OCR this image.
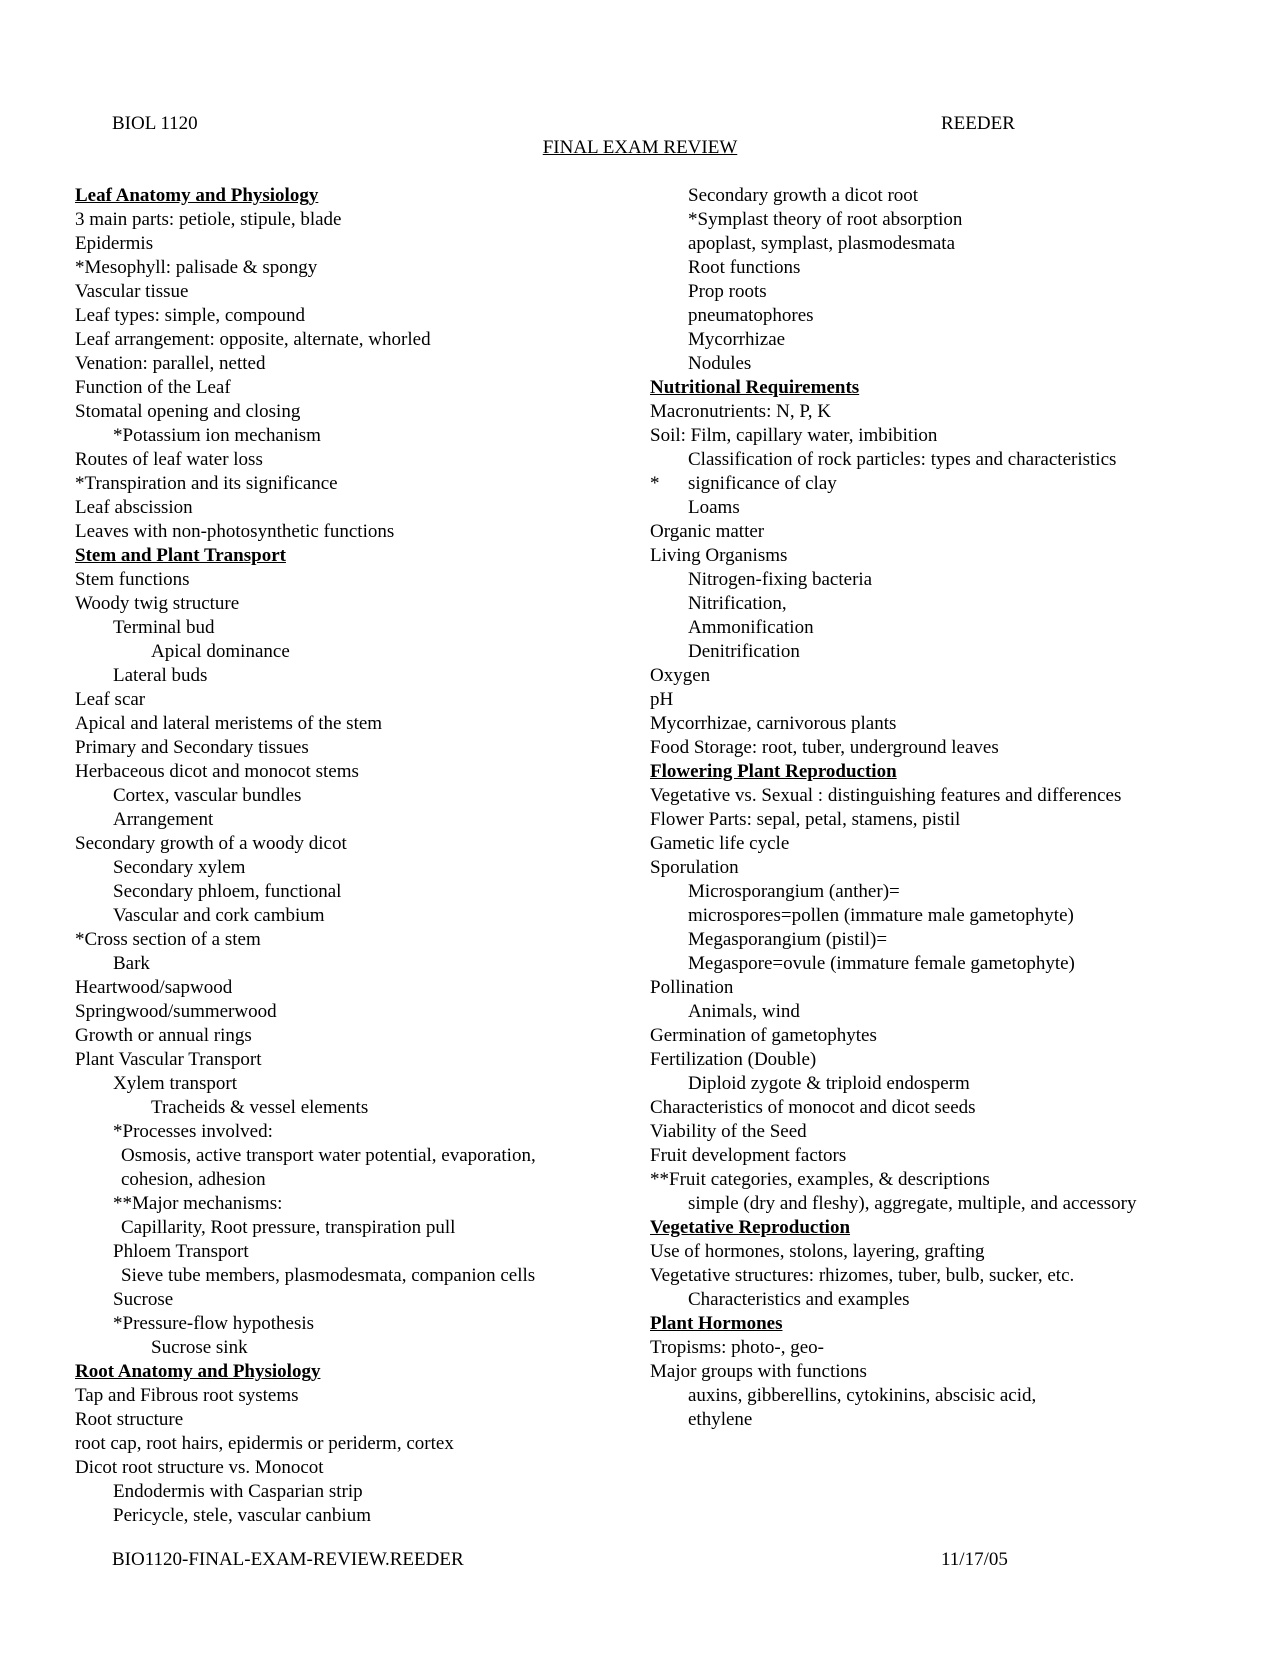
BIOL 1120	REEDER
FINAL EXAM REVIEW
Leaf Anatomy and Physiology
3 main parts: petiole, stipule, blade
Epidermis
*Mesophyll: palisade & spongy
Vascular tissue
Leaf types: simple, compound
Leaf arrangement: opposite, alternate, whorled
Venation: parallel, netted
Function of the Leaf
Stomatal opening and closing
*Potassium ion mechanism
Routes of leaf water loss
*Transpiration and its significance
Leaf abscission
Leaves with non-photosynthetic functions
Stem and Plant Transport
Stem functions
Woody twig structure
Terminal bud
Apical dominance
Lateral buds
Leaf scar
Apical and lateral meristems of the stem
Primary and Secondary tissues
Herbaceous dicot and monocot stems
Cortex, vascular bundles
Arrangement
Secondary growth of a woody dicot
Secondary xylem
Secondary phloem, functional
Vascular and cork cambium
*Cross section of a stem
Bark
Heartwood/sapwood
Springwood/summerwood
Growth or annual rings
Plant Vascular Transport
Xylem transport
Tracheids & vessel elements
*Processes involved:
Osmosis, active transport water potential, evaporation,
cohesion, adhesion
**Major mechanisms:
Capillarity, Root pressure, transpiration pull
Phloem Transport
Sieve tube members, plasmodesmata, companion cells
Sucrose
*Pressure-flow hypothesis
Sucrose sink
Root Anatomy and Physiology
Tap and Fibrous root systems
Root structure
root cap, root hairs, epidermis or periderm, cortex
Dicot root structure vs. Monocot
Endodermis with Casparian strip
Pericycle, stele, vascular canbium
Secondary growth a dicot root
*Symplast theory of root absorption
apoplast, symplast, plasmodesmata
Root functions
Prop roots
pneumatophores
Mycorrhizae
Nodules
Nutritional Requirements
Macronutrients: N, P, K
Soil: Film, capillary water, imbibition
Classification of rock particles: types and characteristics
* significance of clay
Loams
Organic matter
Living Organisms
Nitrogen-fixing bacteria
Nitrification,
Ammonification
Denitrification
Oxygen
pH
Mycorrhizae, carnivorous plants
Food Storage: root, tuber, underground leaves
Flowering Plant Reproduction
Vegetative vs. Sexual : distinguishing features and differences
Flower Parts: sepal, petal, stamens, pistil
Gametic life cycle
Sporulation
Microsporangium (anther)=
microspores=pollen (immature male gametophyte)
Megasporangium (pistil)=
Megaspore=ovule (immature female gametophyte)
Pollination
Animals, wind
Germination of gametophytes
Fertilization (Double)
Diploid zygote & triploid endosperm
Characteristics of monocot and dicot seeds
Viability of the Seed
Fruit development factors
**Fruit categories, examples, & descriptions
simple (dry and fleshy), aggregate, multiple, and accessory
Vegetative Reproduction
Use of hormones, stolons, layering, grafting
Vegetative structures: rhizomes, tuber, bulb, sucker, etc.
Characteristics and examples
Plant Hormones
Tropisms: photo-, geo-
Major groups with functions
auxins, gibberellins, cytokinins, abscisic acid,
ethylene
BIO1120-FINAL-EXAM-REVIEW.REEDER	11/17/05
